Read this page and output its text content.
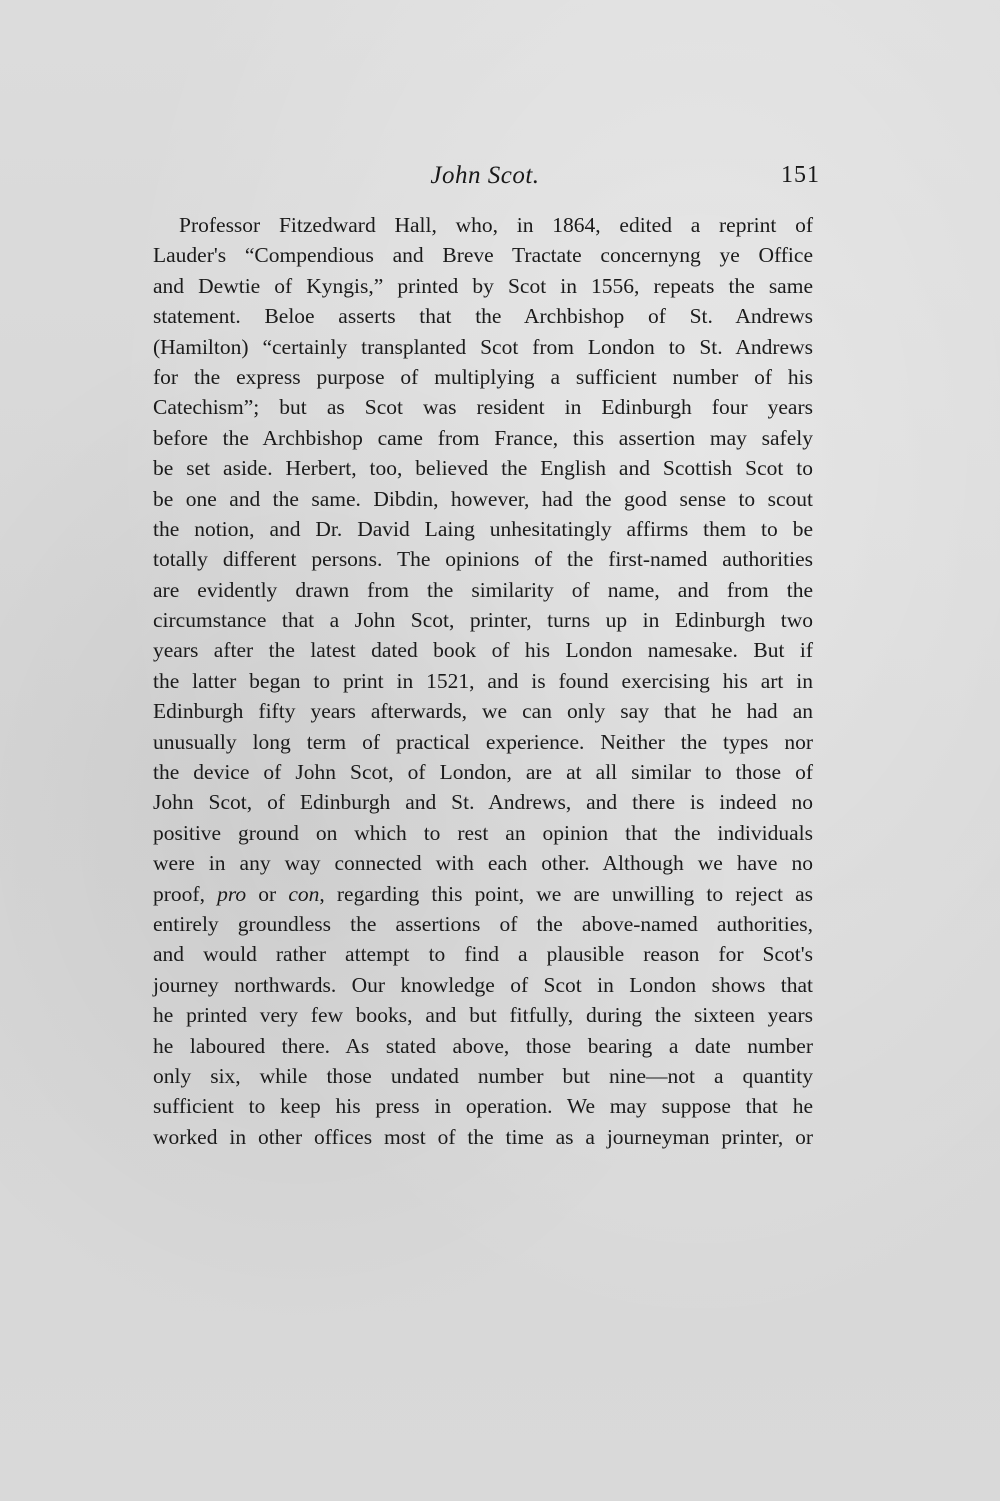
John Scot.	151
Professor Fitzedward Hall, who, in 1864, edited a reprint of
Lauder's “Compendious and Breve Tractate concernyng ye Office
and Dewtie of Kyngis,” printed by Scot in 1556, repeats the same
statement. Beloe asserts that the Archbishop of St. Andrews
(Hamilton) “certainly transplanted Scot from London to St. Andrews
for the express purpose of multiplying a sufficient number of his
Catechism”; but as Scot was resident in Edinburgh four years
before the Archbishop came from France, this assertion may safely
be set aside. Herbert, too, believed the English and Scottish Scot to
be one and the same. Dibdin, however, had the good sense to scout
the notion, and Dr. David Laing unhesitatingly affirms them to be
totally different persons. The opinions of the first-named authorities
are evidently drawn from the similarity of name, and from the
circumstance that a John Scot, printer, turns up in Edinburgh two
years after the latest dated book of his London namesake. But if
the latter began to print in 1521, and is found exercising his art in
Edinburgh fifty years afterwards, we can only say that he had an
unusually long term of practical experience. Neither the types nor
the device of John Scot, of London, are at all similar to those of
John Scot, of Edinburgh and St. Andrews, and there is indeed no
positive ground on which to rest an opinion that the individuals
were in any way connected with each other. Although we have no
proof, pro or con, regarding this point, we are unwilling to reject as
entirely groundless the assertions of the above-named authorities,
and would rather attempt to find a plausible reason for Scot's
journey northwards. Our knowledge of Scot in London shows that
he printed very few books, and but fitfully, during the sixteen years
he laboured there. As stated above, those bearing a date number
only six, while those undated number but nine—not a quantity
sufficient to keep his press in operation. We may suppose that he
worked in other offices most of the time as a journeyman printer, or
